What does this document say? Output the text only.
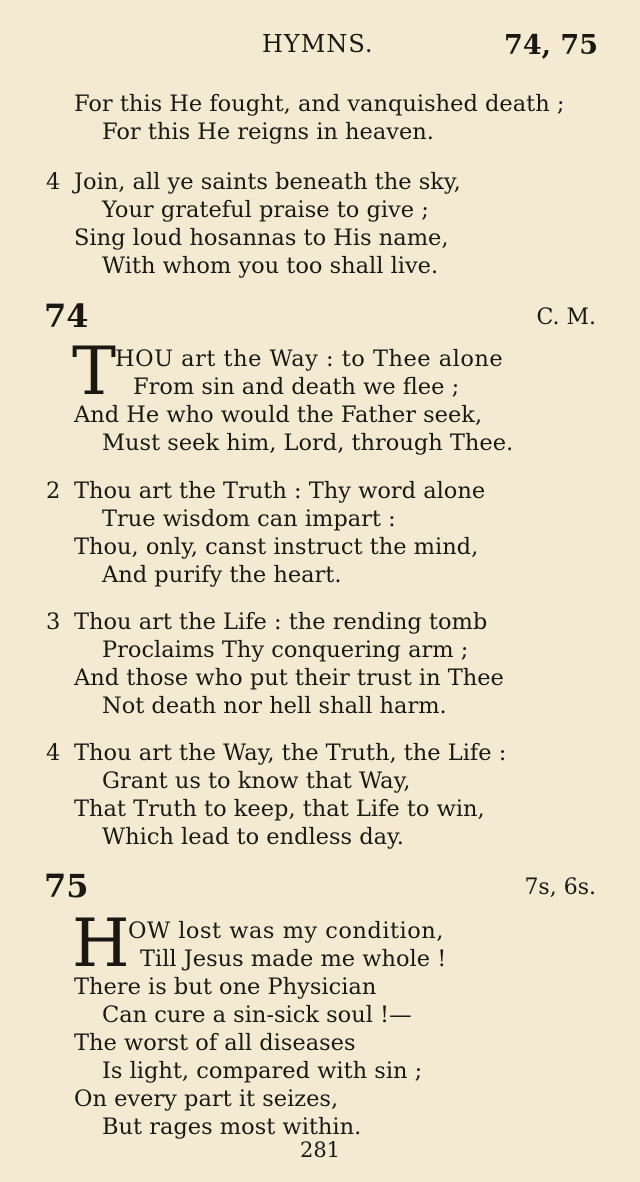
HYMNS.	74, 75
For this He fought, and vanquished death ;
For this He reigns in heaven.
4 Join, all ye saints beneath the sky,
Your grateful praise to give ;
Sing loud hosannas to His name,
With whom you too shall live.
74	C. M.
T
HOU art the Way : to Thee alone
From sin and death we flee ;
And He who would the Father seek,
Must seek him, Lord, through Thee.
2 Thou art the Truth : Thy word alone
True wisdom can impart :
Thou, only, canst instruct the mind,
And purify the heart.
3 Thou art the Life : the rending tomb
Proclaims Thy conquering arm ;
And those who put their trust in Thee
Not death nor hell shall harm.
4 Thou art the Way, the Truth, the Life :
Grant us to know that Way,
That Truth to keep, that Life to win,
Which lead to endless day.
75	7s, 6s.
H
OW lost was my condition,
Till Jesus made me whole !
There is but one Physician
Can cure a sin-sick soul !—
The worst of all diseases
Is light, compared with sin ;
On every part it seizes,
But rages most within.
281
